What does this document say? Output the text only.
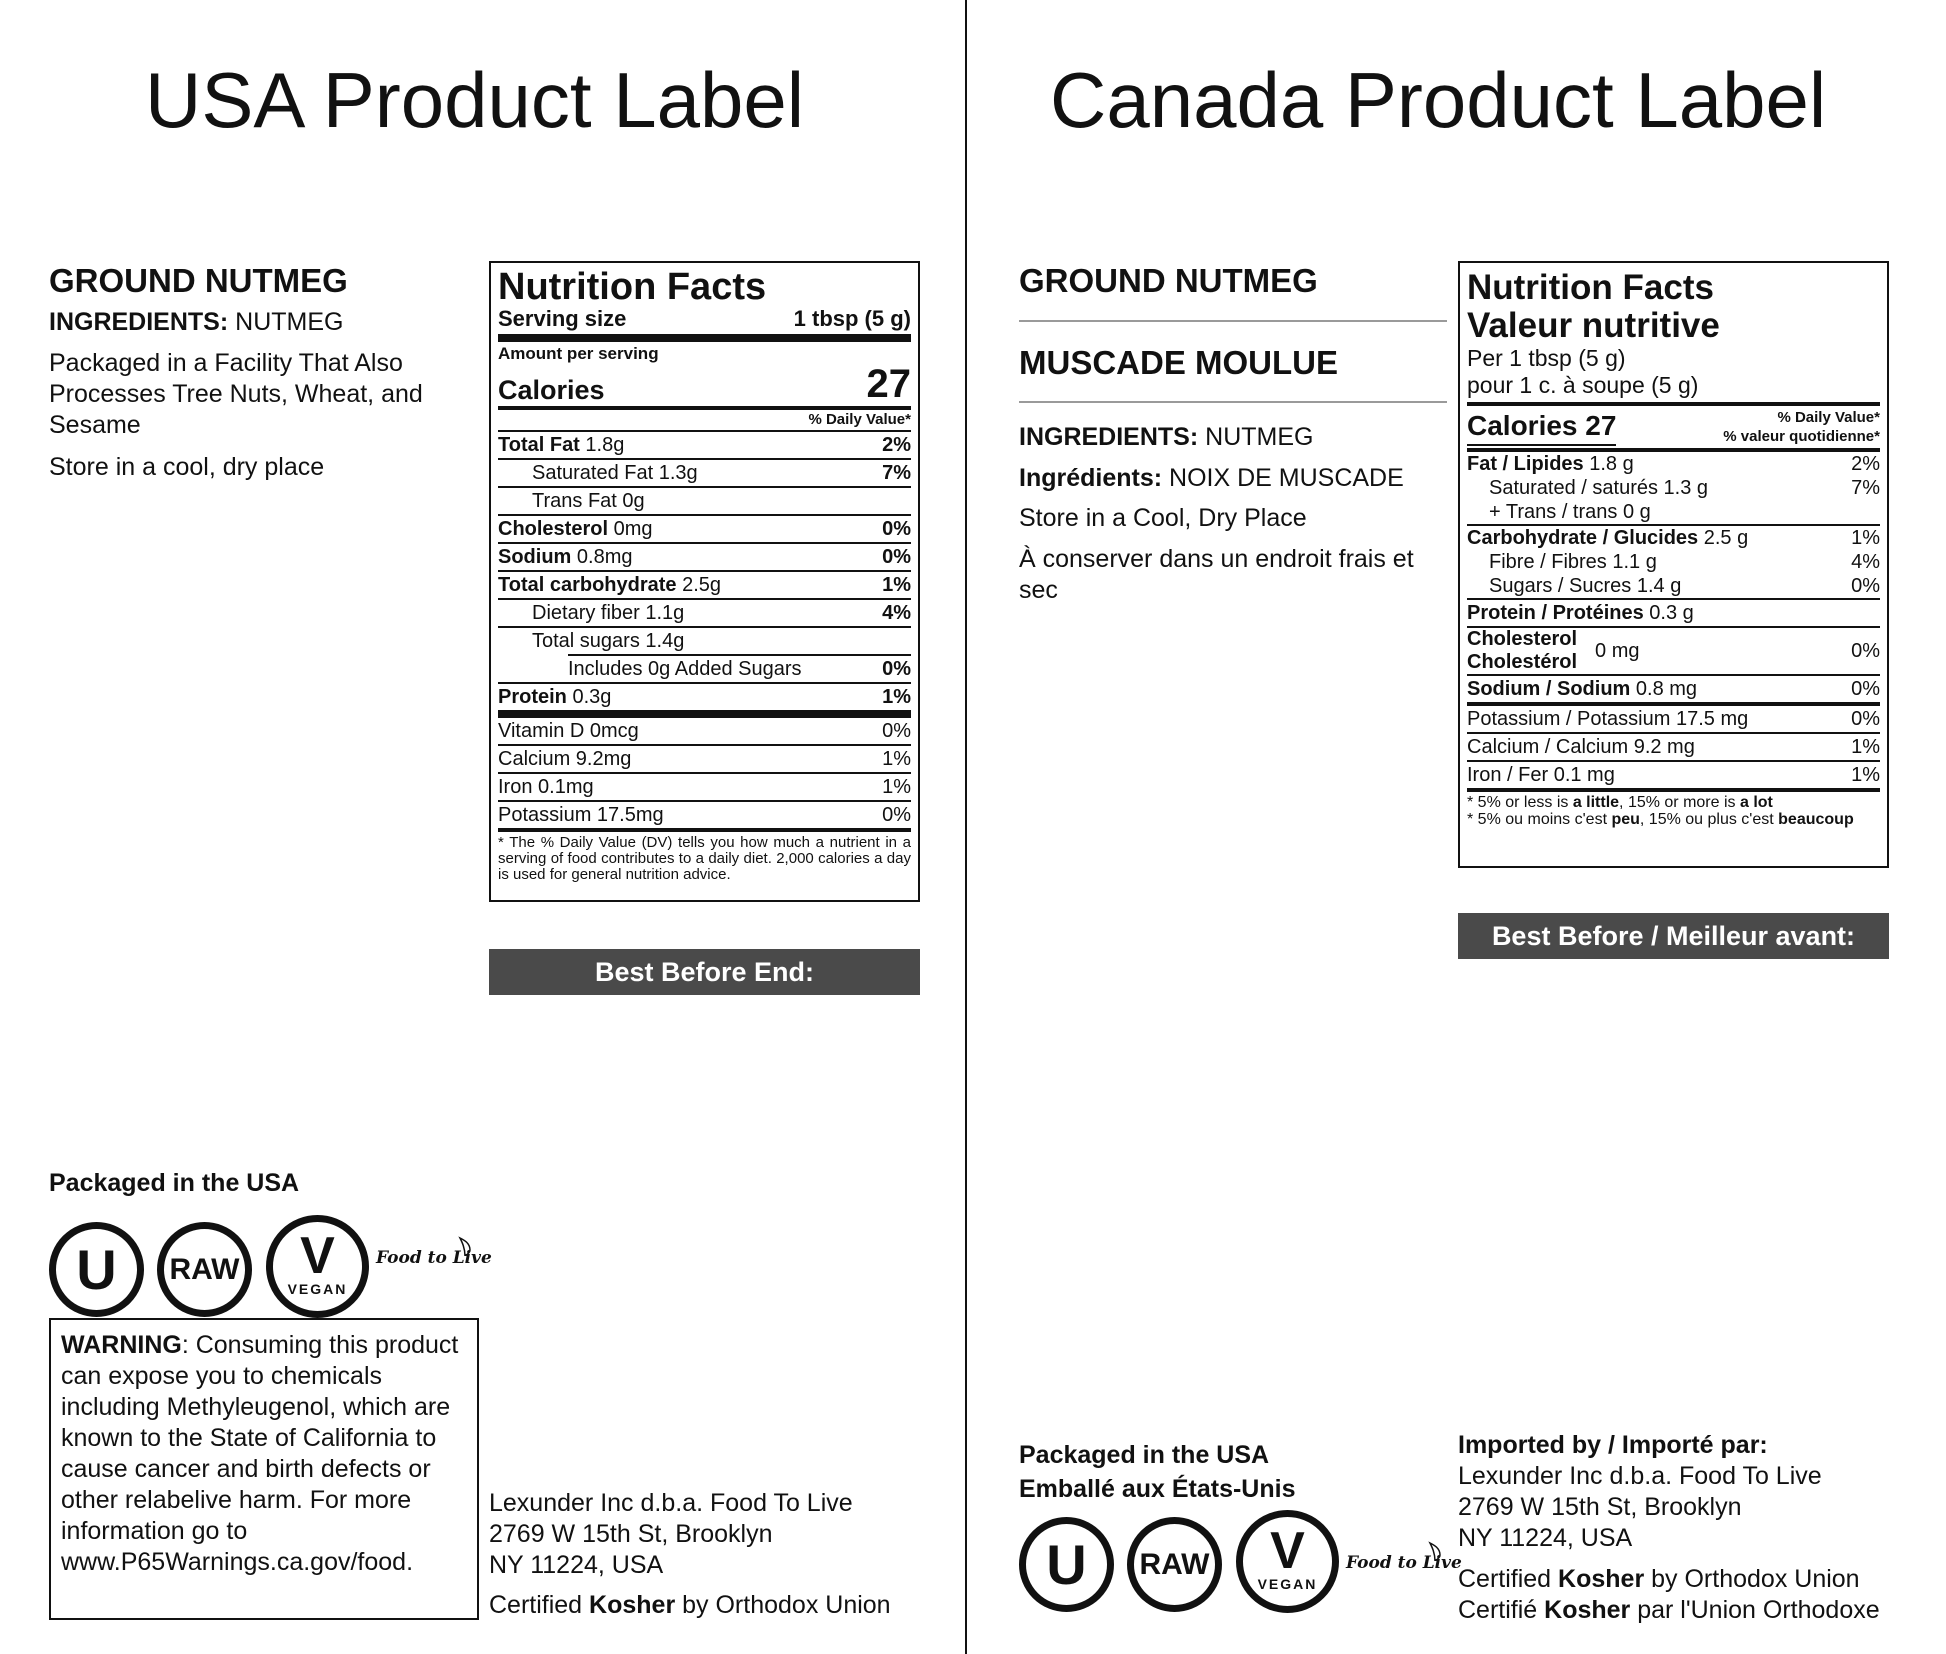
USA Product Label
GROUND NUTMEG
INGREDIENTS: NUTMEG
Packaged in a Facility That Also
Processes Tree Nuts, Wheat, and
Sesame
Store in a cool, dry place
Nutrition Facts
Serving size	1 tbsp (5 g)
Amount per serving
Calories	27
% Daily Value*
Total Fat 1.8g	2%
Saturated Fat 1.3g	7%
Trans Fat 0g
Cholesterol 0mg	0%
Sodium 0.8mg	0%
Total carbohydrate 2.5g	1%
Dietary fiber 1.1g	4%
Total sugars 1.4g
Includes 0g Added Sugars	0%
Protein 0.3g	1%
Vitamin D 0mcg	0%
Calcium 9.2mg	1%
Iron 0.1mg	1%
Potassium 17.5mg	0%
* The % Daily Value (DV) tells you how much a nutrient in a serving of food contributes to a daily diet. 2,000 calories a day is used for general nutrition advice.
Best Before End:
Packaged in the USA
U RAW V
VEGAN
Food to Live
WARNING: Consuming this product can expose you to chemicals including Methyleugenol, which are known to the State of California to cause cancer and birth defects or other relabelive harm. For more information go to www.P65Warnings.ca.gov/food.
Lexunder Inc d.b.a. Food To Live
2769 W 15th St, Brooklyn
NY 11224, USA
Certified Kosher by Orthodox Union
Canada Product Label
GROUND NUTMEG
MUSCADE MOULUE
INGREDIENTS: NUTMEG
Ingrédients: NOIX DE MUSCADE
Store in a Cool, Dry Place
À conserver dans un endroit frais et
sec
Nutrition Facts
Valeur nutritive
Per 1 tbsp (5 g)
pour 1 c. à soupe (5 g)
Calories 27	% Daily Value*
% valeur quotidienne*
Fat / Lipides 1.8 g	2%
Saturated / saturés 1.3 g	7%
+ Trans / trans 0 g
Carbohydrate / Glucides 2.5 g	1%
Fibre / Fibres 1.1 g	4%
Sugars / Sucres 1.4 g	0%
Protein / Protéines 0.3 g
Cholesterol
Cholestérol
0 mg	0%
Sodium / Sodium 0.8 mg	0%
Potassium / Potassium 17.5 mg	0%
Calcium / Calcium 9.2 mg	1%
Iron / Fer 0.1 mg	1%
* 5% or less is a little, 15% or more is a lot
* 5% ou moins c'est peu, 15% ou plus c'est beaucoup
Best Before / Meilleur avant:
Packaged in the USA
Emballé aux États-Unis
U RAW V
VEGAN
Food to Live
Imported by / Importé par:
Lexunder Inc d.b.a. Food To Live
2769 W 15th St, Brooklyn
NY 11224, USA
Certified Kosher by Orthodox Union
Certifié Kosher par l'Union Orthodoxe
